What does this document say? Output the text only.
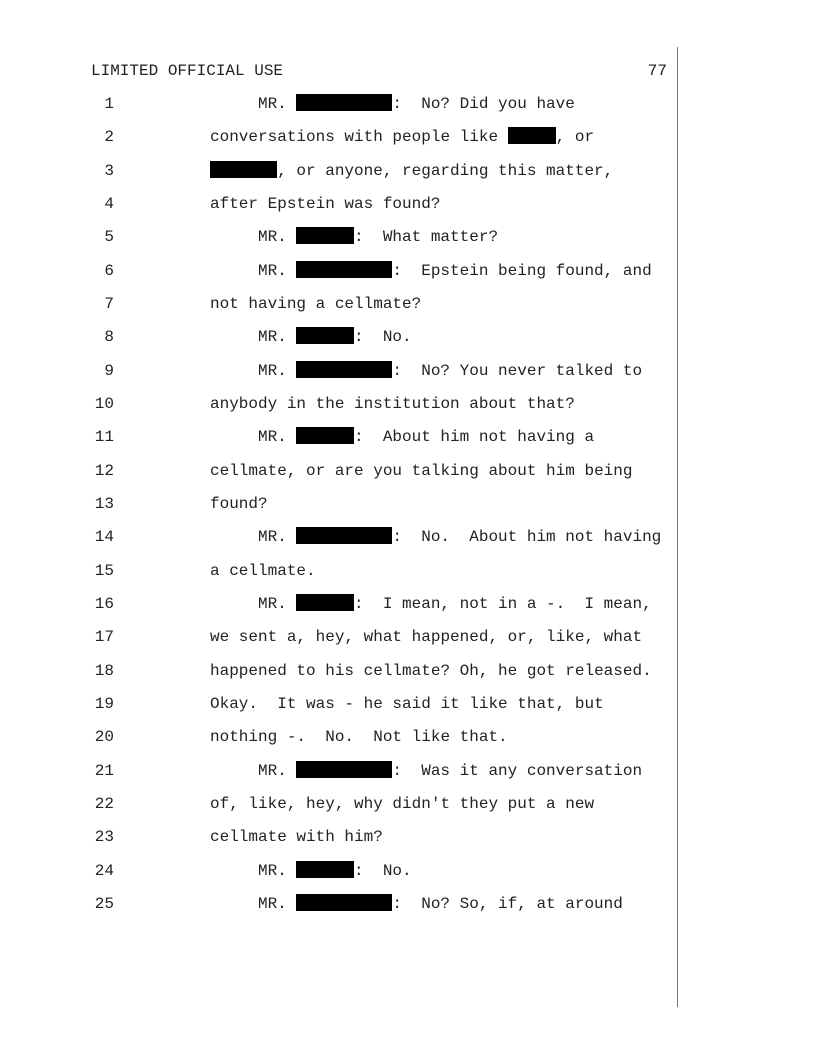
LIMITED OFFICIAL USE	77
1	MR.	:  No? Did you have
2	conversations with people like	, or
3	, or anyone, regarding this matter,
4	after Epstein was found?
5	MR.	:  What matter?
6	MR.	:  Epstein being found, and
7	not having a cellmate?
8	MR.	:  No.
9	MR.	:  No? You never talked to
10	anybody in the institution about that?
11	MR.	:  About him not having a
12	cellmate, or are you talking about him being
13	found?
14	MR.	:  No.  About him not having
15	a cellmate.
16	MR.	:  I mean, not in a -.  I mean,
17	we sent a, hey, what happened, or, like, what
18	happened to his cellmate? Oh, he got released.
19	Okay.  It was - he said it like that, but
20	nothing -.  No.  Not like that.
21	MR.	:  Was it any conversation
22	of, like, hey, why didn't they put a new
23	cellmate with him?
24	MR.	:  No.
25	MR.	:  No? So, if, at around
